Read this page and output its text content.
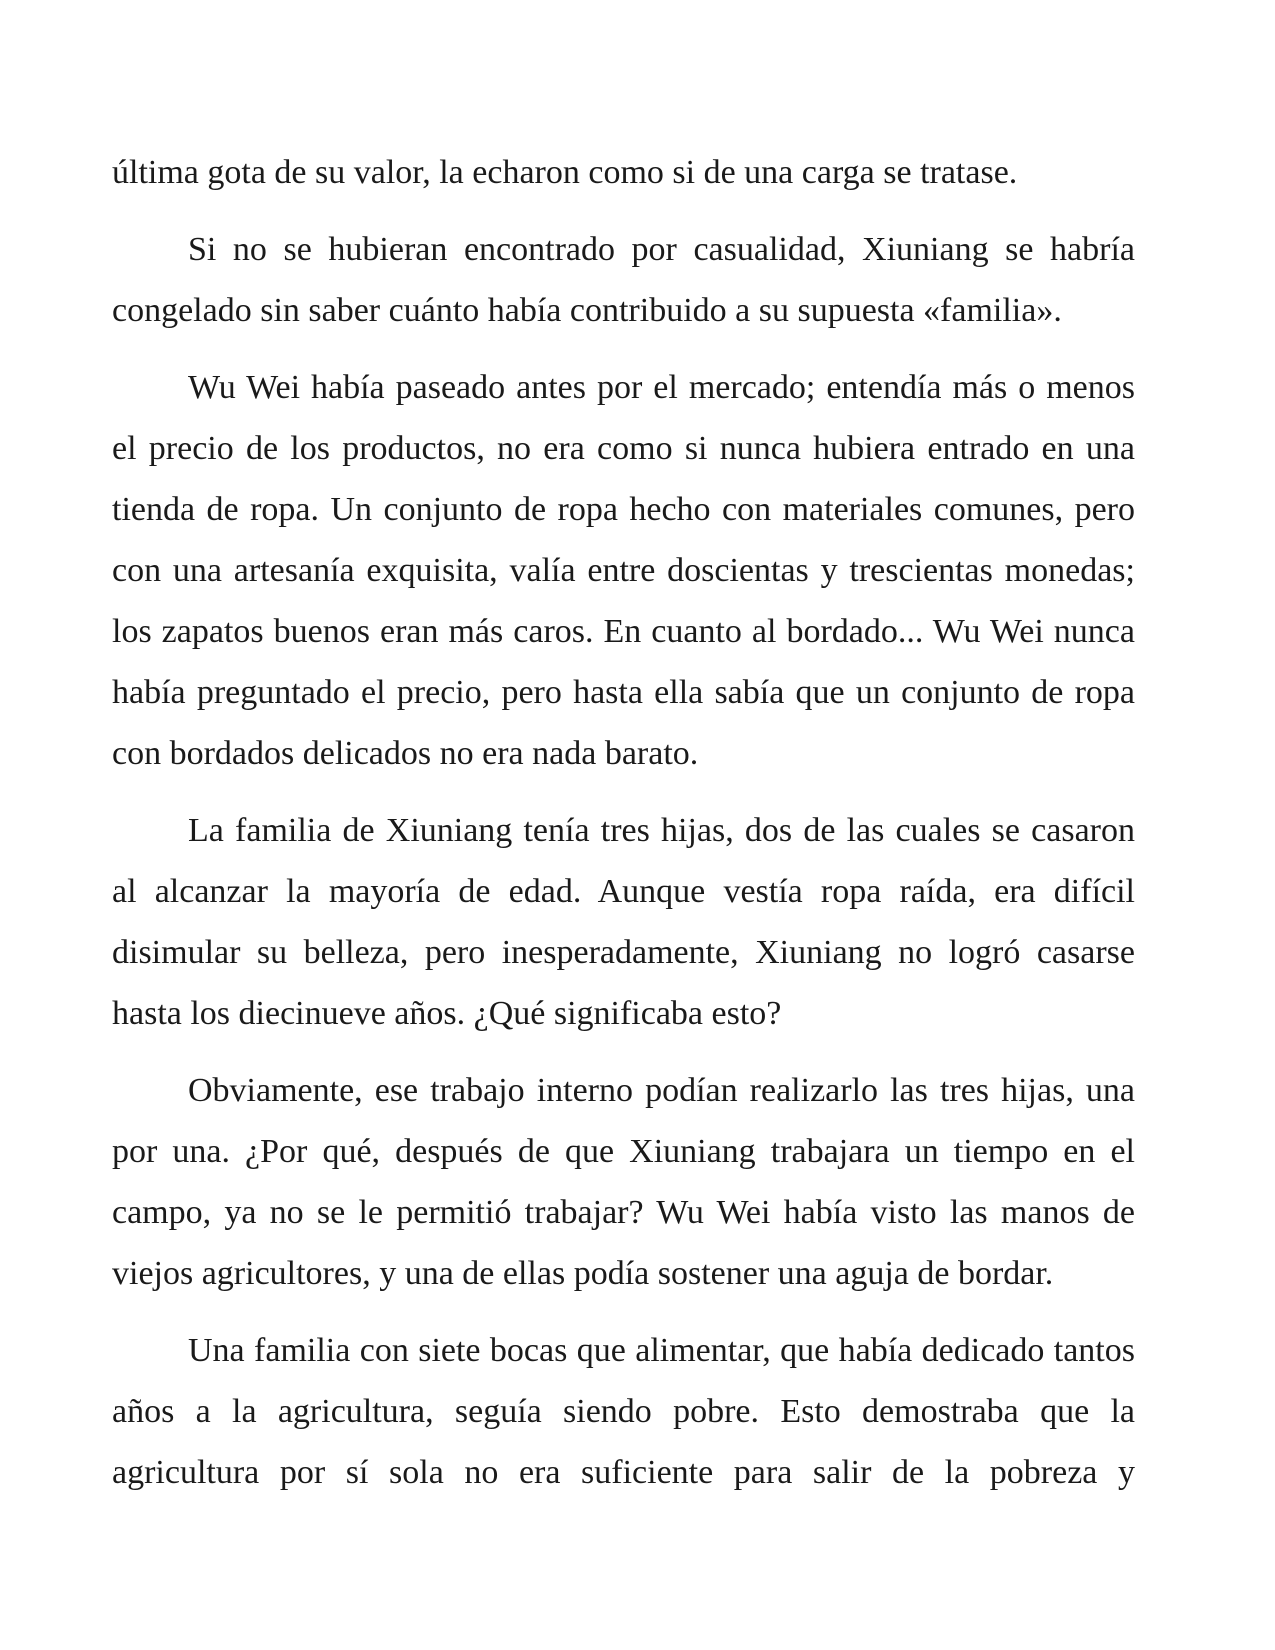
última gota de su valor, la echaron como si de una carga se tratase.

Si no se hubieran encontrado por casualidad, Xiuniang se habría congelado sin saber cuánto había contribuido a su supuesta «familia».

Wu Wei había paseado antes por el mercado; entendía más o menos el precio de los productos, no era como si nunca hubiera entrado en una tienda de ropa. Un conjunto de ropa hecho con materiales comunes, pero con una artesanía exquisita, valía entre doscientas y trescientas monedas; los zapatos buenos eran más caros. En cuanto al bordado... Wu Wei nunca había preguntado el precio, pero hasta ella sabía que un conjunto de ropa con bordados delicados no era nada barato.

La familia de Xiuniang tenía tres hijas, dos de las cuales se casaron al alcanzar la mayoría de edad. Aunque vestía ropa raída, era difícil disimular su belleza, pero inesperadamente, Xiuniang no logró casarse hasta los diecinueve años. ¿Qué significaba esto?

Obviamente, ese trabajo interno podían realizarlo las tres hijas, una por una. ¿Por qué, después de que Xiuniang trabajara un tiempo en el campo, ya no se le permitió trabajar? Wu Wei había visto las manos de viejos agricultores, y una de ellas podía sostener una aguja de bordar.

Una familia con siete bocas que alimentar, que había dedicado tantos años a la agricultura, seguía siendo pobre. Esto demostraba que la agricultura por sí sola no era suficiente para salir de la pobreza y
